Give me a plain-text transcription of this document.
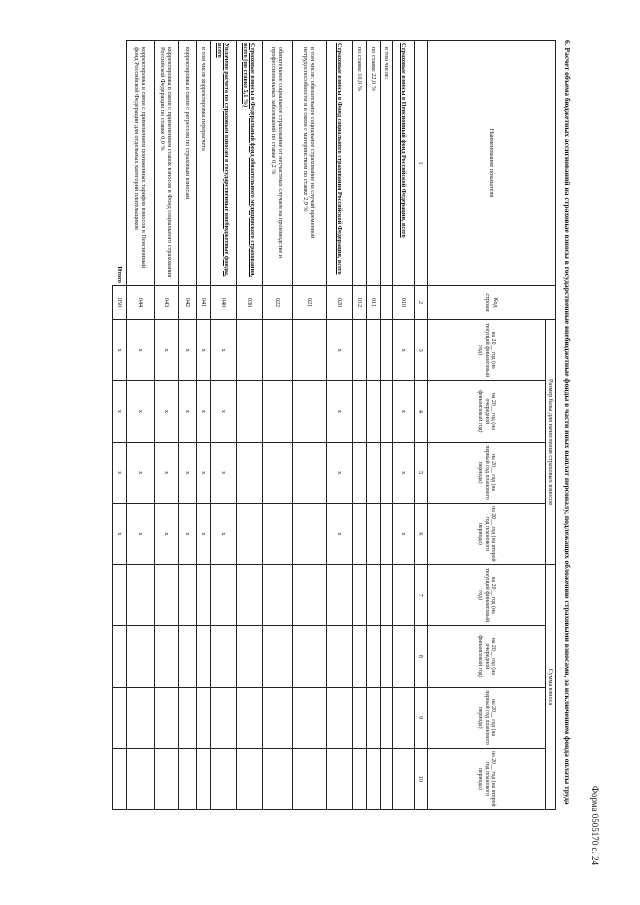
Форма 0505170 с. 24
6. Расчет объема бюджетных ассигнований на страховые взносы в государственные внебюджетные фонды в части иных выплат персоналу, подлежащих обложению страховыми взносами, за исключением фонда оплаты труда
Наименование показателя	Код строки	Размер базы для начисления страховых взносов				Сумма взноса			
		на 20__ год (на текущий финансовый год)	на 20__ год (на очередной финансовый год)	на 20__ год (на первый год планового периода)	на 20__ год (на второй год планового периода)	на 20__ год (на текущий финансовый год)	на 20__ год (на очередной финансовый год)	на 20__ год (на первый год планового периода)	на 20__ год (на второй год планового периода)
1	2	3	4	5	6	7	8	9	10
Страховые взносы в Пенсионный фонд Российской Федерации, всего	010	x	x	x	x				
в том числе:									
по ставке 22,0 %	011								
по ставке 10,0 %	012								
Страховые взносы в Фонд социального страхования Российской Федерации, всего	020	x	x	x	x				
в том числе: обязательное социальное страхование на случай временной нетрудоспособности и в связи с материнством по ставке 2,9 %	021								
обязательное социальное страхование от несчастных случаев на производстве и профессиональных заболеваний по ставке 0,2 %	022								
Страховые взносы в Федеральный фонд обязательного медицинского страхования, всего (по ставке 5,1 %)	030								
Уплачено расчета по страховым взносам в государственные внебюджетные фонды, всего	040	x	x	x	x				
в том числе корректировка перерасчета	041	x	x	x	x				
корректировка в связи с регрессом по страховым взносам	042	x	x	x	x				
корректировка в связи с применением ставок взносов в Фонд социального страхования Российской Федерации по ставке 0,0 %	043	x	x	x	x				
корректировка в связи с применением пониженных тарифов взносов в Пенсионный фонд Российской Федерации для отдельных категорий плательщиков	044	x	x	x	x				
Итого	050	x	x	x	x				
